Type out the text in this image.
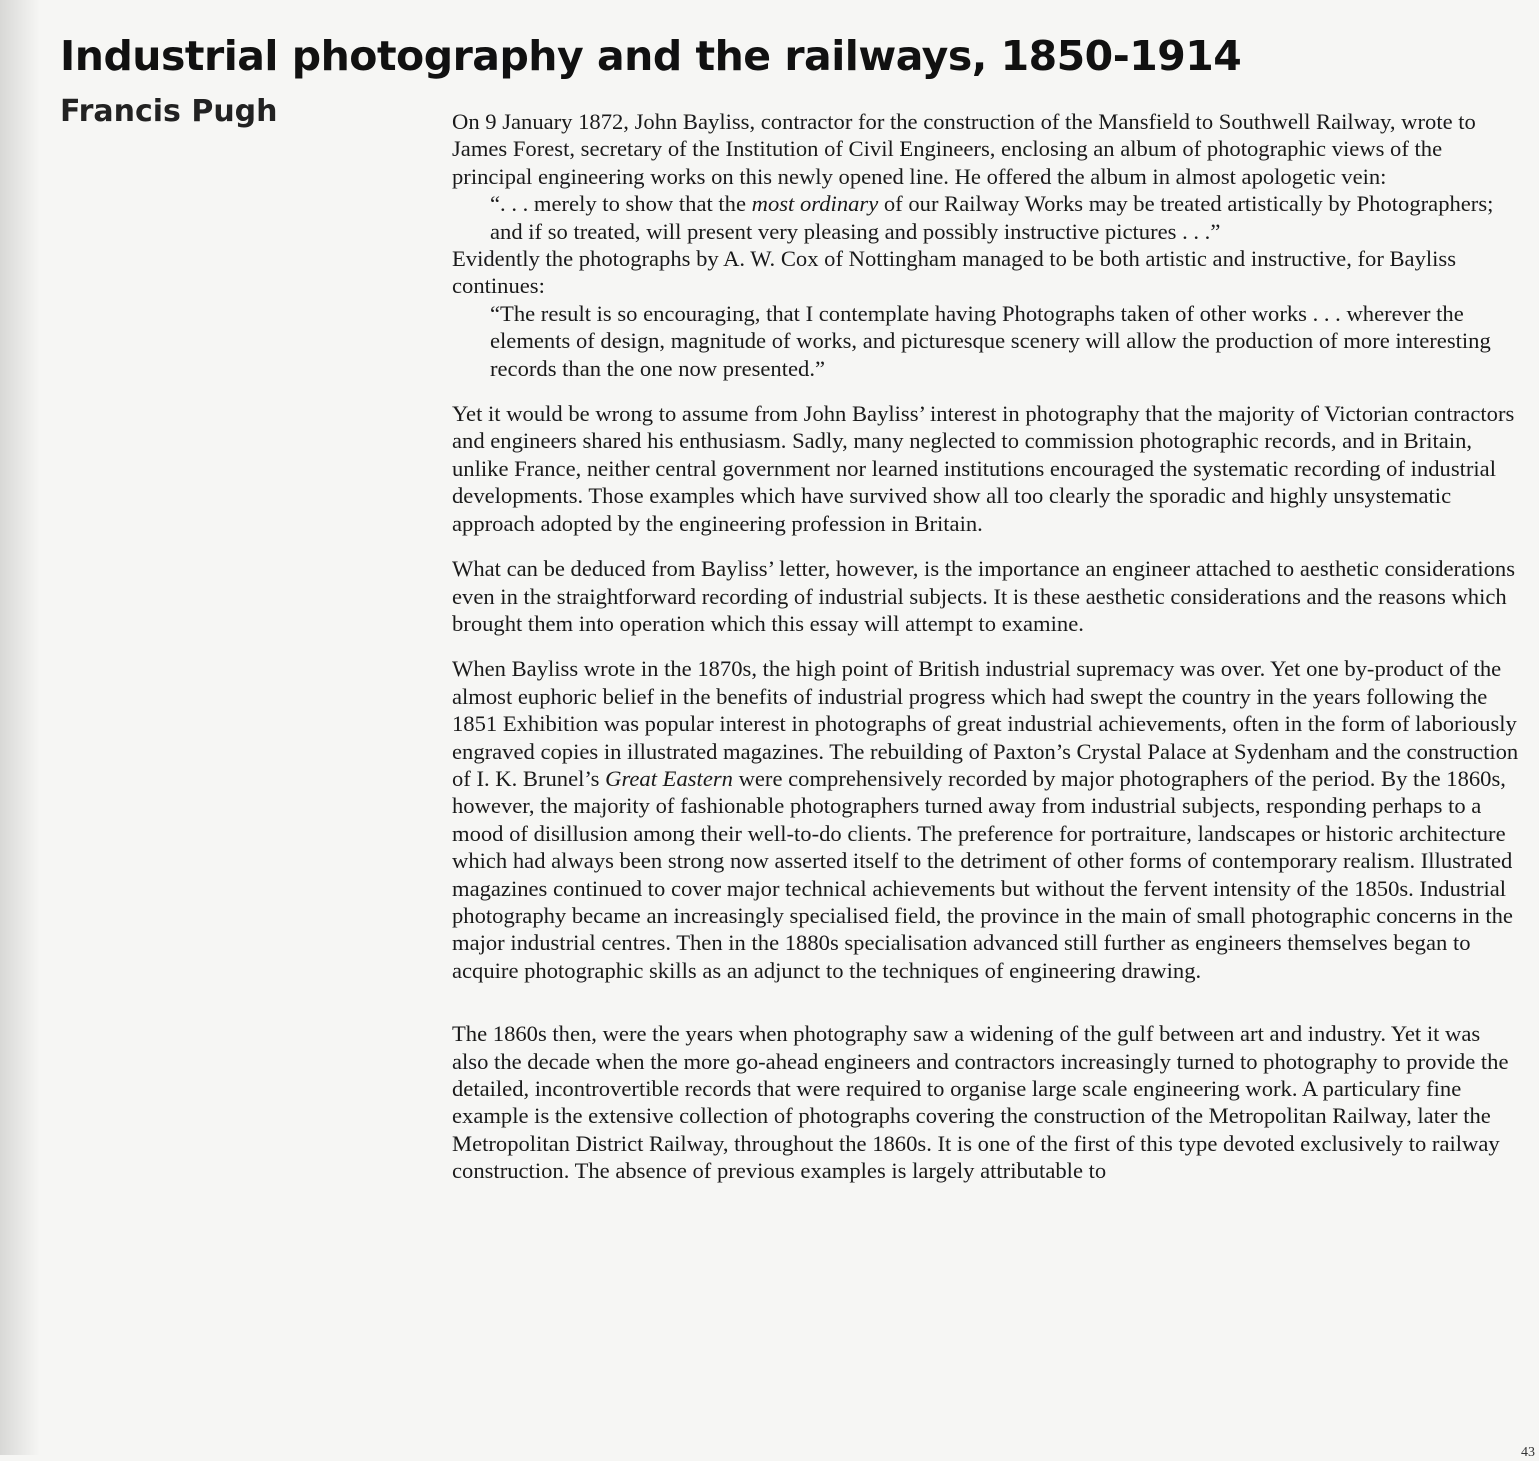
Industrial photography and the railways, 1850-1914
Francis Pugh	On 9 January 1872, John Bayliss, contractor for the construction of the Mansfield to Southwell Railway, wrote to James Forest, secretary of the Institution of Civil Engineers, enclosing an album of photographic views of the principal engineering works on this newly opened line. He offered the album in almost apologetic vein:

“. . . merely to show that the most ordinary of our Railway Works may be treated artistically by Photographers; and if so treated, will present very pleasing and possibly instructive pictures . . .”

Evidently the photographs by A. W. Cox of Nottingham managed to be both artistic and instructive, for Bayliss continues:

“The result is so encouraging, that I contemplate having Photographs taken of other works . . . wherever the elements of design, magnitude of works, and picturesque scenery will allow the production of more interesting records than the one now presented.”

Yet it would be wrong to assume from John Bayliss’ interest in photography that the majority of Victorian contractors and engineers shared his enthusiasm. Sadly, many neglected to commission photographic records, and in Britain, unlike France, neither central government nor learned institutions encouraged the systematic recording of industrial developments. Those examples which have survived show all too clearly the sporadic and highly unsystematic approach adopted by the engineering profession in Britain.

What can be deduced from Bayliss’ letter, however, is the importance an engineer attached to aesthetic considerations even in the straightforward recording of industrial subjects. It is these aesthetic considerations and the reasons which brought them into operation which this essay will attempt to examine.

When Bayliss wrote in the 1870s, the high point of British industrial supremacy was over. Yet one by-product of the almost euphoric belief in the benefits of industrial progress which had swept the country in the years following the 1851 Exhibition was popular interest in photographs of great industrial achievements, often in the form of laboriously engraved copies in illustrated magazines. The rebuilding of Paxton’s Crystal Palace at Sydenham and the construction of I. K. Brunel’s Great Eastern were comprehensively recorded by major photographers of the period. By the 1860s, however, the majority of fashionable photographers turned away from industrial subjects, responding perhaps to a mood of disillusion among their well-to-do clients. The preference for portraiture, landscapes or historic architecture which had always been strong now asserted itself to the detriment of other forms of contemporary realism. Illustrated magazines continued to cover major technical achievements but without the fervent intensity of the 1850s. Industrial photography became an increasingly specialised field, the province in the main of small photographic concerns in the major industrial centres. Then in the 1880s specialisation advanced still further as engineers themselves began to acquire photographic skills as an adjunct to the techniques of engineering drawing.

The 1860s then, were the years when photography saw a widening of the gulf between art and industry. Yet it was also the decade when the more go-ahead engineers and contractors increasingly turned to photography to provide the detailed, incontrovertible records that were required to organise large scale engineering work. A particulary fine example is the extensive collection of photographs covering the construction of the Metropolitan Railway, later the Metropolitan District Railway, throughout the 1860s. It is one of the first of this type devoted exclusively to railway construction. The absence of previous examples is largely attributable to

43
